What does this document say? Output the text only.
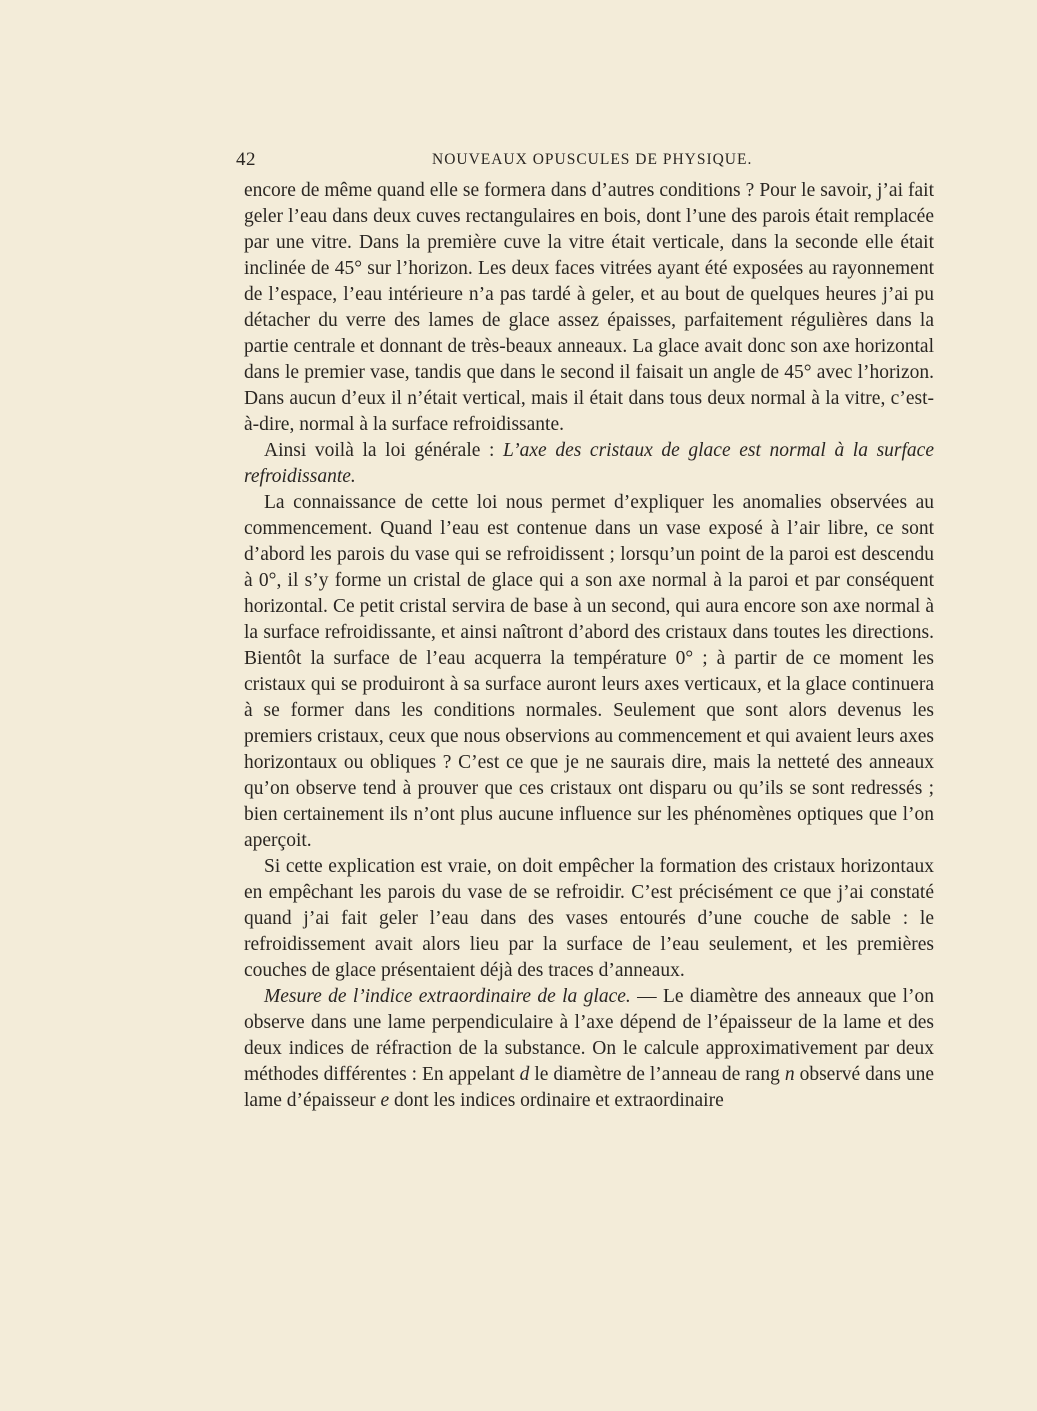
42	NOUVEAUX OPUSCULES DE PHYSIQUE.

encore de même quand elle se formera dans d’autres conditions ? Pour le savoir, j’ai fait geler l’eau dans deux cuves rectangulaires en bois, dont l’une des parois était remplacée par une vitre. Dans la première cuve la vitre était verticale, dans la seconde elle était inclinée de 45° sur l’horizon. Les deux faces vitrées ayant été exposées au rayonnement de l’espace, l’eau intérieure n’a pas tardé à geler, et au bout de quelques heures j’ai pu détacher du verre des lames de glace assez épaisses, parfaitement régulières dans la partie centrale et donnant de très-beaux anneaux. La glace avait donc son axe horizontal dans le premier vase, tandis que dans le second il faisait un angle de 45° avec l’horizon. Dans aucun d’eux il n’était vertical, mais il était dans tous deux normal à la vitre, c’est-à-dire, normal à la surface refroidissante.

Ainsi voilà la loi générale : L’axe des cristaux de glace est normal à la surface refroidissante.

La connaissance de cette loi nous permet d’expliquer les anomalies observées au commencement. Quand l’eau est contenue dans un vase exposé à l’air libre, ce sont d’abord les parois du vase qui se refroidissent ; lorsqu’un point de la paroi est descendu à 0°, il s’y forme un cristal de glace qui a son axe normal à la paroi et par conséquent horizontal. Ce petit cristal servira de base à un second, qui aura encore son axe normal à la surface refroidissante, et ainsi naîtront d’abord des cristaux dans toutes les directions. Bientôt la surface de l’eau acquerra la température 0° ; à partir de ce moment les cristaux qui se produiront à sa surface auront leurs axes verticaux, et la glace continuera à se former dans les conditions normales. Seulement que sont alors devenus les premiers cristaux, ceux que nous observions au commencement et qui avaient leurs axes horizontaux ou obliques ? C’est ce que je ne saurais dire, mais la netteté des anneaux qu’on observe tend à prouver que ces cristaux ont disparu ou qu’ils se sont redressés ; bien certainement ils n’ont plus aucune influence sur les phénomènes optiques que l’on aperçoit.

Si cette explication est vraie, on doit empêcher la formation des cristaux horizontaux en empêchant les parois du vase de se refroidir. C’est précisément ce que j’ai constaté quand j’ai fait geler l’eau dans des vases entourés d’une couche de sable : le refroidissement avait alors lieu par la surface de l’eau seulement, et les premières couches de glace présentaient déjà des traces d’anneaux.

Mesure de l’indice extraordinaire de la glace. — Le diamètre des anneaux que l’on observe dans une lame perpendiculaire à l’axe dépend de l’épaisseur de la lame et des deux indices de réfraction de la substance. On le calcule approximativement par deux méthodes différentes : En appelant d le diamètre de l’anneau de rang n observé dans une lame d’épaisseur e dont les indices ordinaire et extraordinaire
